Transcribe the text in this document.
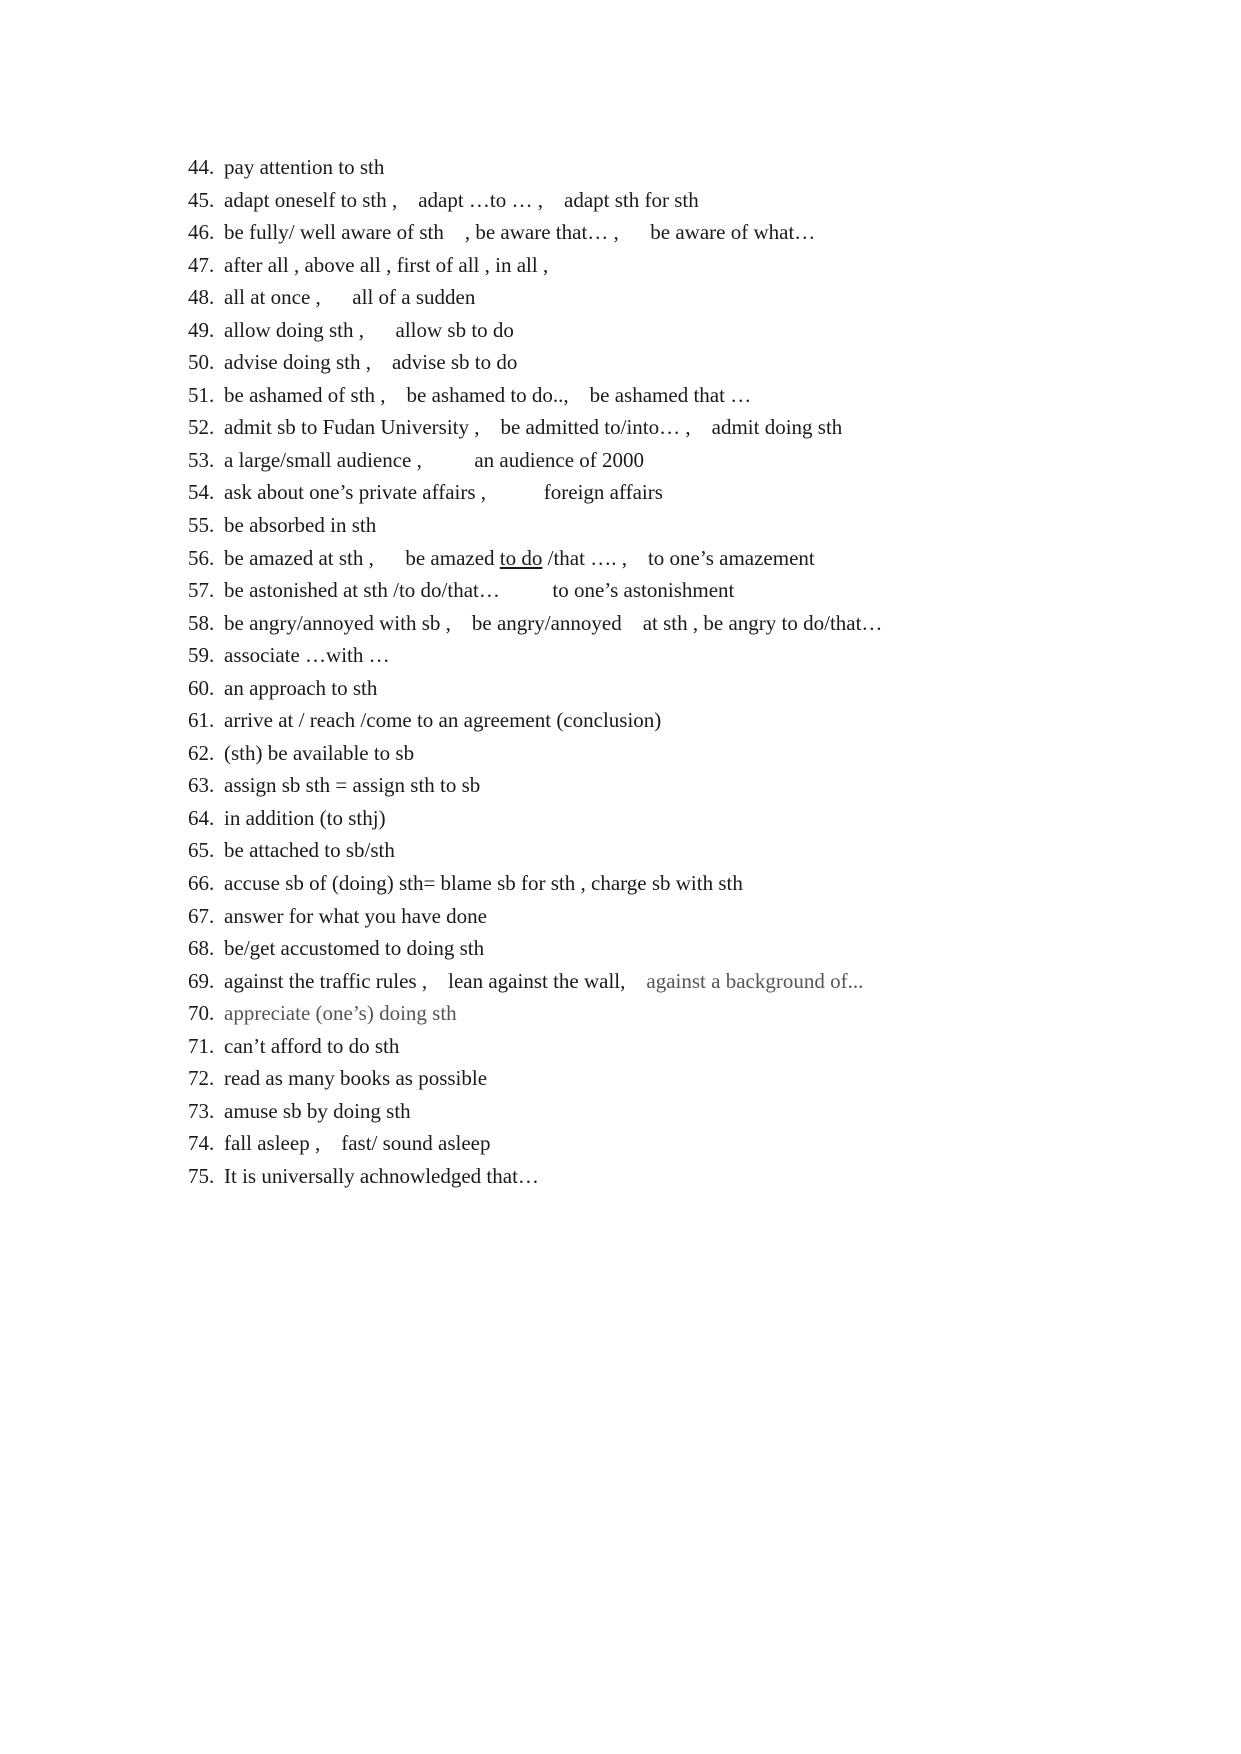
44. pay attention to sth
45. adapt oneself to sth ,    adapt …to … ,    adapt sth for sth
46. be fully/ well aware of sth    , be aware that… ,      be aware of what…
47. after all , above all , first of all , in all ,
48. all at once ,      all of a sudden
49. allow doing sth ,      allow sb to do
50. advise doing sth ,    advise sb to do
51. be ashamed of sth ,    be ashamed to do..,    be ashamed that …
52. admit sb to Fudan University ,    be admitted to/into… ,    admit doing sth
53. a large/small audience ,          an audience of 2000
54. ask about one’s private affairs ,           foreign affairs
55. be absorbed in sth
56. be amazed at sth ,      be amazed to do /that …. ,    to one’s amazement
57. be astonished at sth /to do/that…          to one’s astonishment
58. be angry/annoyed with sb ,    be angry/annoyed    at sth , be angry to do/that…
59. associate …with …
60. an approach to sth
61. arrive at / reach /come to an agreement (conclusion)
62. (sth) be available to sb
63. assign sb sth = assign sth to sb
64. in addition (to sthj)
65. be attached to sb/sth
66. accuse sb of (doing) sth= blame sb for sth , charge sb with sth
67. answer for what you have done
68. be/get accustomed to doing sth
69. against the traffic rules ,    lean against the wall,    against a background of...
70. appreciate (one’s) doing sth
71. can’t afford to do sth
72. read as many books as possible
73. amuse sb by doing sth
74. fall asleep ,    fast/ sound asleep
75. It is universally achnowledged that…
